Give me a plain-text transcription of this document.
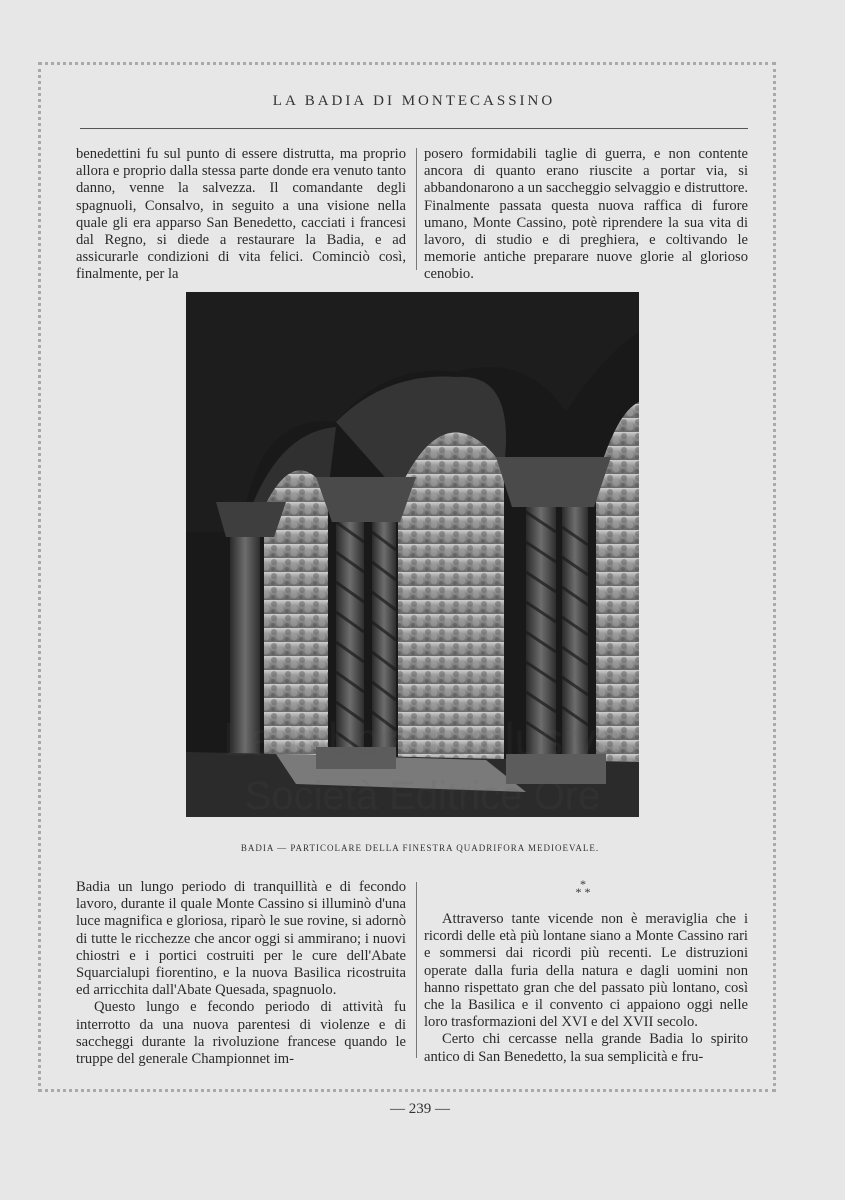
LA BADIA DI MONTECASSINO

benedettini fu sul punto di essere distrutta, ma proprio allora e proprio dalla stessa parte donde era venuto tanto danno, venne la salvezza. Il comandante degli spagnuoli, Consalvo, in seguito a una visione nella quale gli era apparso San Benedetto, cacciati i francesi dal Regno, si diede a restaurare la Badia, e ad assicurarle condizioni di vita felici. Cominciò così, finalmente, per la

posero formidabili taglie di guerra, e non contente ancora di quanto erano riuscite a portar via, si abbandonarono a un saccheggio selvaggio e distruttore. Finalmente passata questa nuova raffica di furore umano, Monte Cassino, potè riprendere la sua vita di lavoro, di studio e di preghiera, e coltivando le memorie antiche preparare nuove glorie al glorioso cenobio.

BADIA — PARTICOLARE DELLA FINESTRA QUADRIFORA MEDIOEVALE.

Badia un lungo periodo di tranquillità e di fecondo lavoro, durante il quale Monte Cassino si illuminò d'una luce magnifica e gloriosa, riparò le sue rovine, si adornò di tutte le ricchezze che ancor oggi si ammirano; i nuovi chiostri e i portici costruiti per le cure dell'Abate Squarcialupi fiorentino, e la nuova Basilica ricostruita ed arricchita dall'Abate Quesada, spagnuolo.

Questo lungo e fecondo periodo di attività fu interrotto da una nuova parentesi di violenze e di saccheggi durante la rivoluzione francese quando le truppe del generale Championnet im-

*
* *

Attraverso tante vicende non è meraviglia che i ricordi delle età più lontane siano a Monte Cassino rari e sommersi dai ricordi più recenti. Le distruzioni operate dalla furia della natura e dagli uomini non hanno rispettato gran che del passato più lontano, così che la Basilica e il convento ci appaiono oggi nelle loro trasformazioni del XVI e del XVII secolo.

Certo chi cercasse nella grande Badia lo spirito antico di San Benedetto, la sua semplicità e fru-

— 239 —
